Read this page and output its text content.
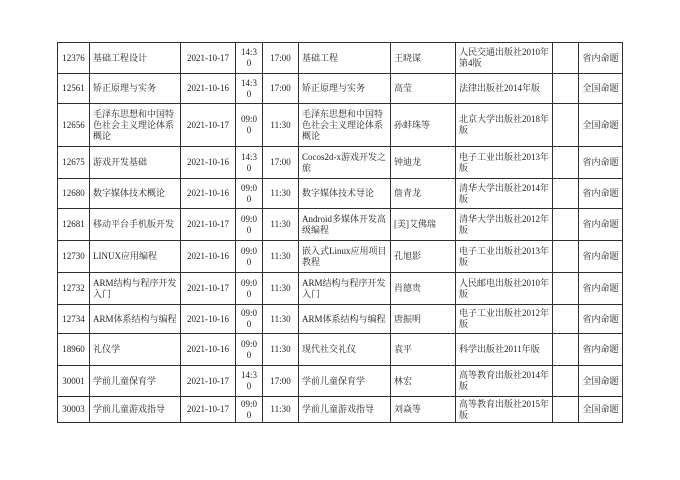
12376	基础工程设计	2021-10-17	14:30	17:00	基础工程	王晓谋	人民交通出版社2010年第4版		省内命题
12561	矫正原理与实务	2021-10-16	14:30	17:00	矫正原理与实务	高莹	法律出版社2014年版		全国命题
12656	毛泽东思想和中国特色社会主义理论体系概论	2021-10-17	09:00	11:30	毛泽东思想和中国特色社会主义理论体系概论	孙蚌珠等	北京大学出版社2018年版		全国命题
12675	游戏开发基础	2021-10-16	14:30	17:00	Cocos2d-x游戏开发之旅	钟迪龙	电子工业出版社2013年版		省内命题
12680	数字媒体技术概论	2021-10-16	09:00	11:30	数字媒体技术导论	詹青龙	清华大学出版社2014年版		省内命题
12681	移动平台手机版开发	2021-10-17	09:00	11:30	Android多媒体开发高级编程	[美]艾佛瑞	清华大学出版社2012年版		省内命题
12730	LINUX应用编程	2021-10-16	09:00	11:30	嵌入式Linux应用项目教程	孔旭影	电子工业出版社2013年版		省内命题
12732	ARM结构与程序开发入门	2021-10-17	09:00	11:30	ARM结构与程序开发入门	肖德贵	人民邮电出版社2010年版		省内命题
12734	ARM体系结构与编程	2021-10-16	09:00	11:30	ARM体系结构与编程	唐振明	电子工业出版社2012年版		省内命题
18960	礼仪学	2021-10-16	09:00	11:30	现代社交礼仪	袁平	科学出版社2011年版		省内命题
30001	学前儿童保育学	2021-10-17	14:30	17:00	学前儿童保育学	林宏	高等教育出版社2014年版		全国命题
30003	学前儿童游戏指导	2021-10-17	09:00	11:30	学前儿童游戏指导	刘焱等	高等教育出版社2015年版		全国命题
